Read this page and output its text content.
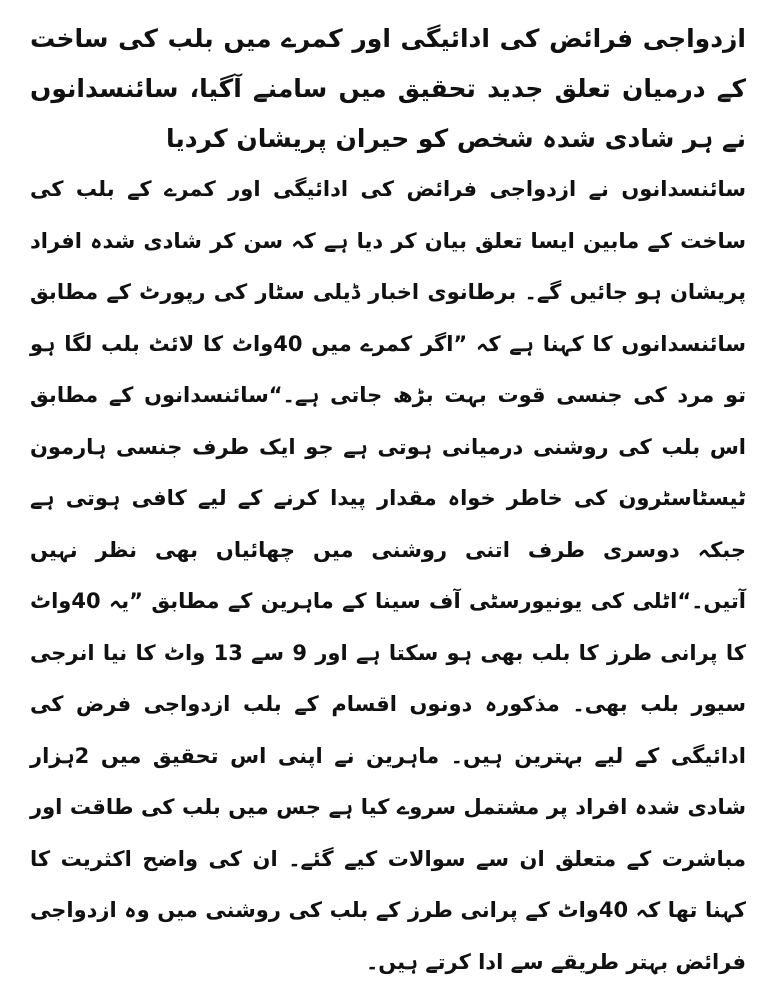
ازدواجی فرائض کی ادائیگی اور کمرے میں بلب کی ساخت کے درمیان تعلق جدید تحقیق میں سامنے آگیا، سائنسدانوں نے ہر شادی شدہ شخص کو حیران پریشان کردیا

سائنسدانوں نے ازدواجی فرائض کی ادائیگی اور کمرے کے بلب کی ساخت کے مابین ایسا تعلق بیان کر دیا ہے کہ سن کر شادی شدہ افراد پریشان ہو جائیں گے۔ برطانوی اخبار ڈیلی سٹار کی رپورٹ کے مطابق سائنسدانوں کا کہنا ہے کہ ”اگر کمرے میں 40واٹ کا لائٹ بلب لگا ہو تو مرد کی جنسی قوت بہت بڑھ جاتی ہے۔“سائنسدانوں کے مطابق اس بلب کی روشنی درمیانی ہوتی ہے جو ایک طرف جنسی ہارمون ٹیسٹاسٹرون کی خاطر خواہ مقدار پیدا کرنے کے لیے کافی ہوتی ہے جبکہ دوسری طرف اتنی روشنی میں چھائیاں بھی نظر نہیں آتیں۔“اٹلی کی یونیورسٹی آف سینا کے ماہرین کے مطابق ”یہ 40واٹ کا پرانی طرز کا بلب بھی ہو سکتا ہے اور 9 سے 13 واٹ کا نیا انرجی سیور بلب بھی۔ مذکورہ دونوں اقسام کے بلب ازدواجی فرض کی ادائیگی کے لیے بہترین ہیں۔ ماہرین نے اپنی اس تحقیق میں 2ہزار شادی شدہ افراد پر مشتمل سروے کیا ہے جس میں بلب کی طاقت اور مباشرت کے متعلق ان سے سوالات کیے گئے۔ ان کی واضح اکثریت کا کہنا تھا کہ 40واٹ کے پرانی طرز کے بلب کی روشنی میں وہ ازدواجی فرائض بہتر طریقے سے ادا کرتے ہیں۔
